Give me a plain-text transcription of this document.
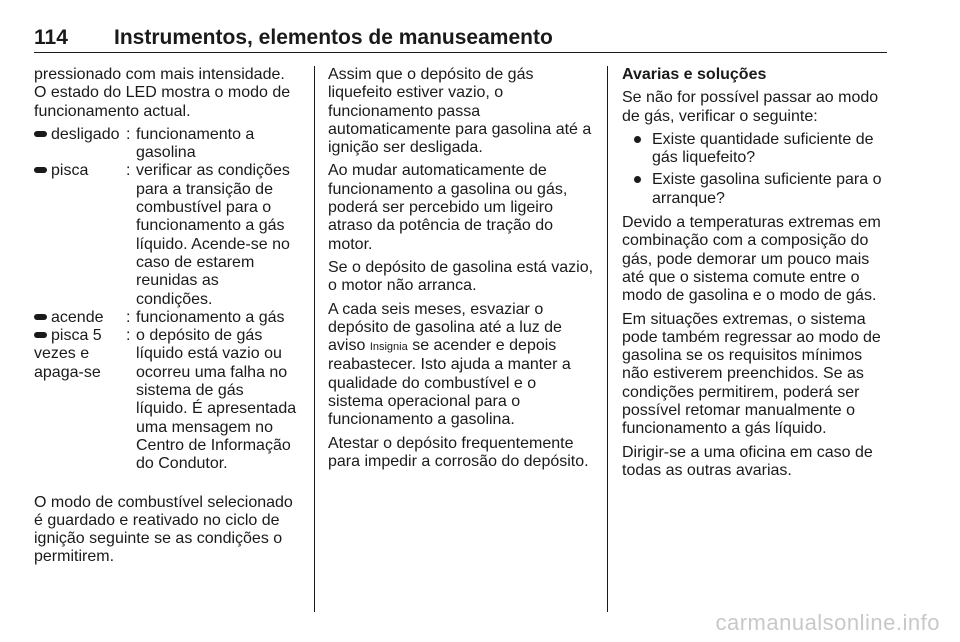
114 Instrumentos, elementos de manuseamento

pressionado com mais intensidade. O estado do LED mostra o modo de funcionamento actual.

desligado	:	funcionamento a gasolina
pisca	:	verificar as condições para a transição de combustível para o funcionamento a gás líquido. Acende-se no caso de estarem reunidas as condições.
acende	:	funcionamento a gás
pisca 5 vezes e apaga-se	:	o depósito de gás líquido está vazio ou ocorreu uma falha no sistema de gás líquido. É apresentada uma mensagem no Centro de Informação do Condutor.

O modo de combustível selecionado é guardado e reativado no ciclo de ignição seguinte se as condições o permitirem.

Assim que o depósito de gás liquefeito estiver vazio, o funcionamento passa automaticamente para gasolina até a ignição ser desligada.

Ao mudar automaticamente de funcionamento a gasolina ou gás, poderá ser percebido um ligeiro atraso da potência de tração do motor.

Se o depósito de gasolina está vazio, o motor não arranca.

A cada seis meses, esvaziar o depósito de gasolina até a luz de aviso Insignia se acender e depois reabastecer. Isto ajuda a manter a qualidade do combustível e o sistema operacional para o funcionamento a gasolina.

Atestar o depósito frequentemente para impedir a corrosão do depósito.

Avarias e soluções

Se não for possível passar ao modo de gás, verificar o seguinte:

Existe quantidade suficiente de gás liquefeito?
Existe gasolina suficiente para o arranque?

Devido a temperaturas extremas em combinação com a composição do gás, pode demorar um pouco mais até que o sistema comute entre o modo de gasolina e o modo de gás.

Em situações extremas, o sistema pode também regressar ao modo de gasolina se os requisitos mínimos não estiverem preenchidos. Se as condições permitirem, poderá ser possível retomar manualmente o funcionamento a gás líquido.

Dirigir-se a uma oficina em caso de todas as outras avarias.

carmanualsonline.info
